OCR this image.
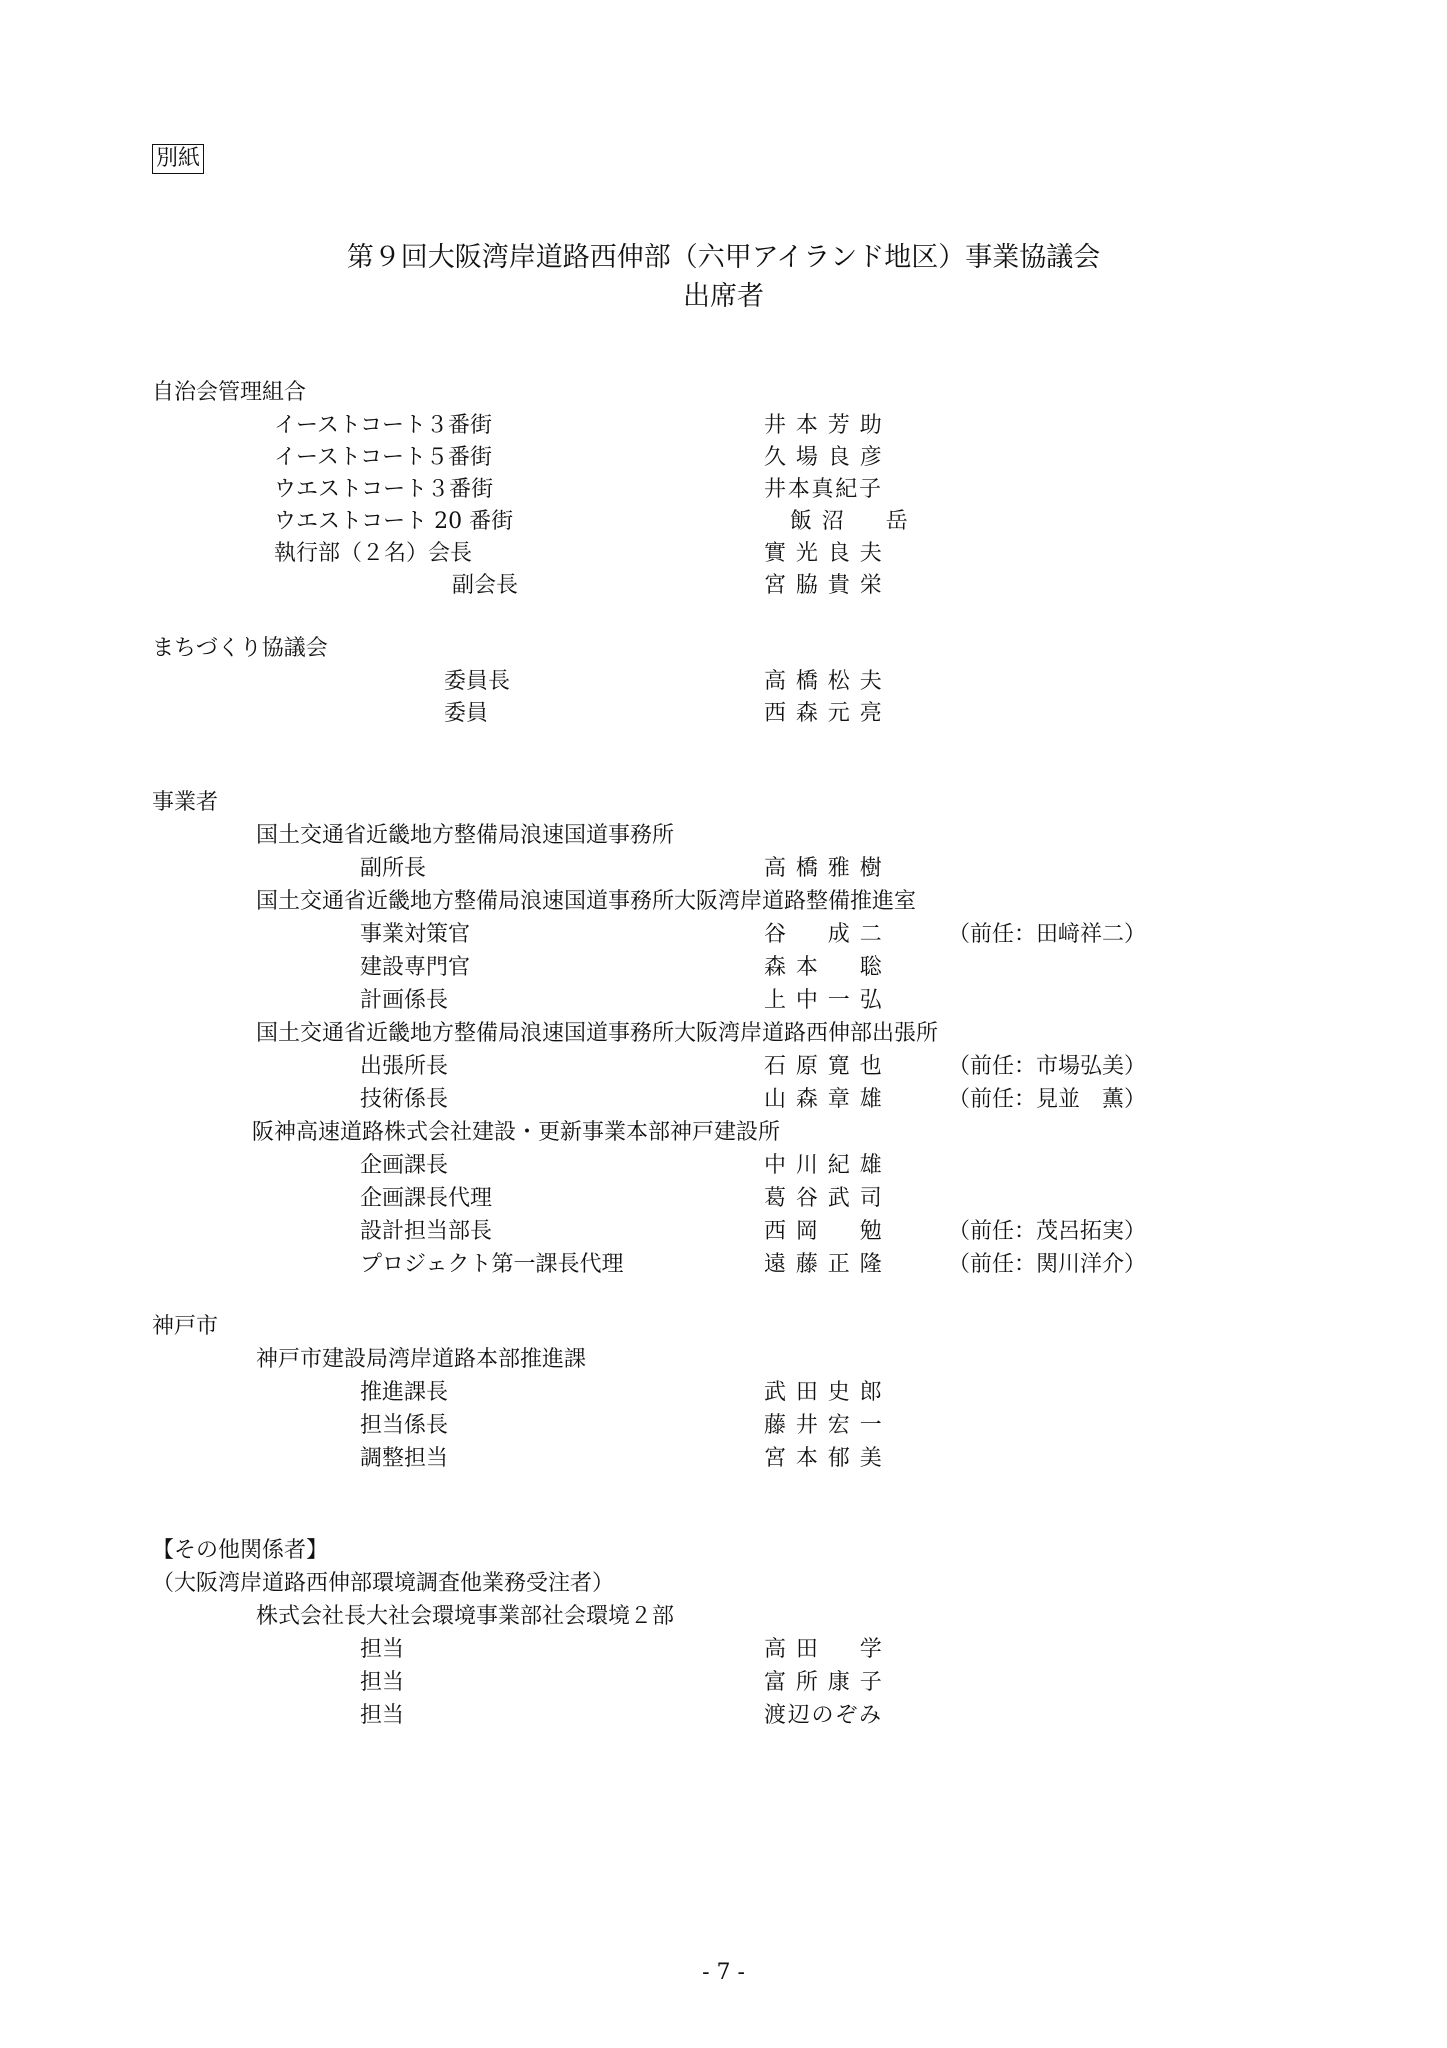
別紙
第９回大阪湾岸道路西伸部（六甲アイランド地区）事業協議会
出席者
自治会管理組合
イーストコート３番街	井本芳助
イーストコート５番街	久場良彦
ウエストコート３番街	井本真紀子
ウエストコート 20 番街	飯沼　岳
執行部（２名）会長	實光良夫
副会長	宮脇貴栄
まちづくり協議会
委員長	高橋松夫
委員	西森元亮
事業者
国土交通省近畿地方整備局浪速国道事務所
副所長	高橋雅樹
国土交通省近畿地方整備局浪速国道事務所大阪湾岸道路整備推進室
事業対策官	谷　成二	（前任：田﨑祥二）
建設専門官	森本　聡
計画係長	上中一弘
国土交通省近畿地方整備局浪速国道事務所大阪湾岸道路西伸部出張所
出張所長	石原寛也	（前任：市場弘美）
技術係長	山森章雄	（前任：見並　薫）
阪神高速道路株式会社建設・更新事業本部神戸建設所
企画課長	中川紀雄
企画課長代理	葛谷武司
設計担当部長	西岡　勉	（前任：茂呂拓実）
プロジェクト第一課長代理	遠藤正隆	（前任：関川洋介）
神戸市
神戸市建設局湾岸道路本部推進課
推進課長	武田史郎
担当係長	藤井宏一
調整担当	宮本郁美
【その他関係者】
（大阪湾岸道路西伸部環境調査他業務受注者）
株式会社長大社会環境事業部社会環境２部
担当	高田　学
担当	富所康子
担当	渡辺のぞみ
- 7 -
